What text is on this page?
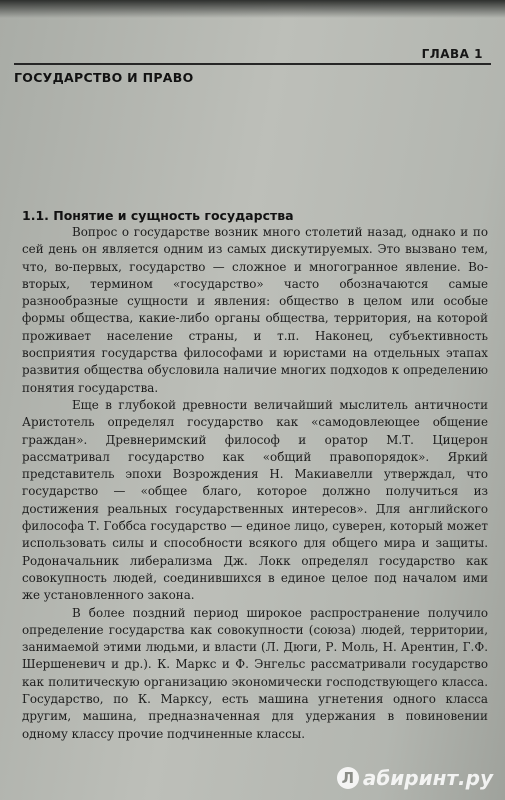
ГЛАВА 1
ГОСУДАРСТВО И ПРАВО
1.1. Понятие и сущность государства

Вопрос о государстве возник много столетий назад, однако и по сей день он является одним из самых дискутируемых. Это вызвано тем, что, во-первых, государство — сложное и многогранное явление. Во-вторых, термином «государство» часто обозначаются самые разнообразные сущности и явления: общество в целом или особые формы общества, какие-либо органы общества, территория, на которой проживает население страны, и т.п. Наконец, субъективность восприятия государства философами и юристами на отдельных этапах развития общества обусловила наличие многих подходов к определению понятия государства.

Еще в глубокой древности величайший мыслитель античности Аристотель определял государство как «самодовлеющее общение граждан». Древнеримский философ и оратор М.Т. Цицерон рассматривал государство как «общий правопорядок». Яркий представитель эпохи Возрождения Н. Макиавелли утверждал, что государство — «общее благо, которое должно получиться из достижения реальных государственных интересов». Для английского философа Т. Гоббса государство — единое лицо, суверен, который может использовать силы и способности всякого для общего мира и защиты. Родоначальник либерализма Дж. Локк определял государство как совокупность людей, соединившихся в единое целое под началом ими же установленного закона.

В более поздний период широкое распространение получило определение государства как совокупности (союза) людей, территории, занимаемой этими людьми, и власти (Л. Дюги, Р. Моль, Н. Арентин, Г.Ф. Шершеневич и др.). К. Маркс и Ф. Энгельс рассматривали государство как политическую организацию экономически господствующего класса. Государство, по К. Марксу, есть машина угнетения одного класса другим, машина, предназначенная для удержания в повиновении одному классу прочие подчиненные классы.

Л абиринт.ру
